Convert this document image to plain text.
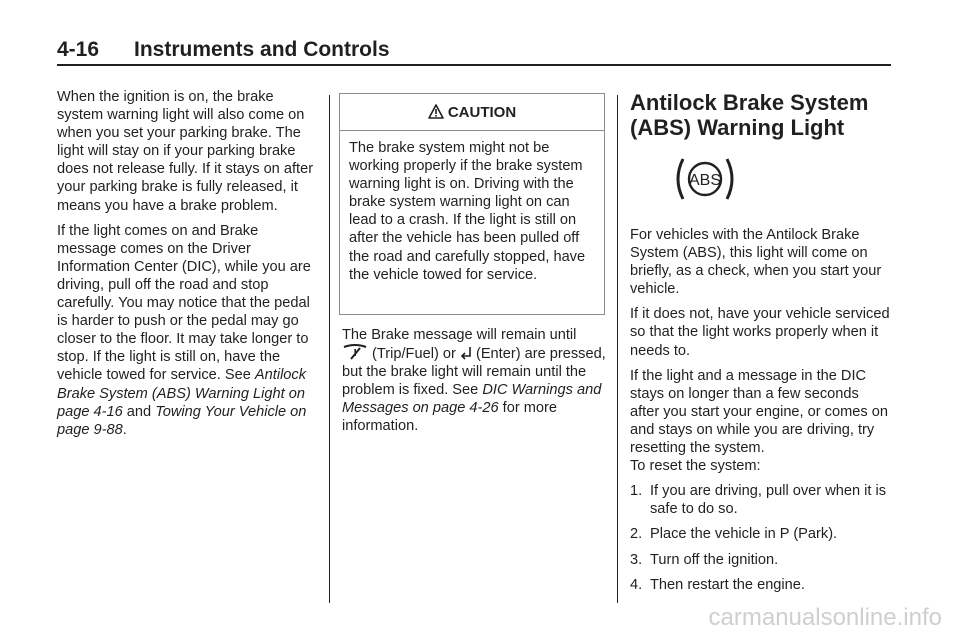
4-16 Instruments and Controls

When the ignition is on, the brake system warning light will also come on when you set your parking brake. The light will stay on if your parking brake does not release fully. If it stays on after your parking brake is fully released, it means you have a brake problem.

If the light comes on and Brake message comes on the Driver Information Center (DIC), while you are driving, pull off the road and stop carefully. You may notice that the pedal is harder to push or the pedal may go closer to the floor. It may take longer to stop. If the light is still on, have the vehicle towed for service. See Antilock Brake System (ABS) Warning Light on page 4-16 and Towing Your Vehicle on page 9-88.

CAUTION
The brake system might not be working properly if the brake system warning light is on. Driving with the brake system warning light on can lead to a crash. If the light is still on after the vehicle has been pulled off the road and carefully stopped, have the vehicle towed for service.
The Brake message will remain until
(Trip/Fuel) or  (Enter) are pressed, but the brake light will remain until the problem is fixed. See DIC Warnings and Messages on page 4-26 for more information.
Antilock Brake System (ABS) Warning Light
ABS

For vehicles with the Antilock Brake System (ABS), this light will come on briefly, as a check, when you start your vehicle.

If it does not, have your vehicle serviced so that the light works properly when it needs to.

If the light and a message in the DIC stays on longer than a few seconds after you start your engine, or comes on and stays on while you are driving, try resetting the system.

To reset the system:

1. If you are driving, pull over when it is safe to do so.
2. Place the vehicle in P (Park).
3. Turn off the ignition.
4. Then restart the engine.
carmanualsonline.info
